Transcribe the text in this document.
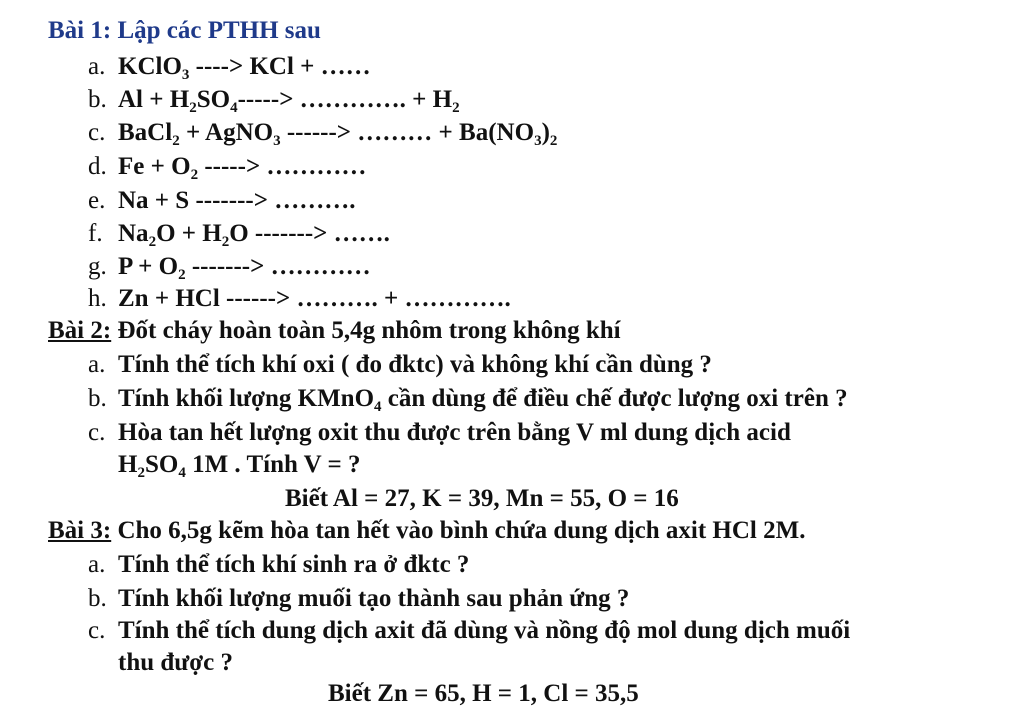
Bài 1: Lập các PTHH sau
a. KClO$_3$ ----> KCl + ……
b. $Al + H_2SO_4----->$ …………. + $H_2$
c. BaCl$_2$ + AgNO$_3$ ------> ……… + $Ba(NO_3)_2$
d. $Fe + O_2$ -----> …………
e. Na + S -------> ……….
f. $Na_2O + H_2O$ -------> …….
g. $P + O_2$ -------> …………
h. Zn + HCl ------> ………. + ………….
Bài 2: Đốt cháy hoàn toàn 5,4g nhôm trong không khí
a. Tính thể tích khí oxi ( đo đktc) và không khí cần dùng ?
b. Tính khối lượng KMnO$_4$ cần dùng để điều chế được lượng oxi trên ?
c. Hòa tan hết lượng oxit thu được trên bằng V ml dung dịch acid
$H_2SO_4$ 1M . Tính V = ?
Biết Al = 27, K = 39, Mn = 55, O = 16
Bài 3: Cho 6,5g kẽm hòa tan hết vào bình chứa dung dịch axit HCl 2M.
a. Tính thể tích khí sinh ra ở đktc ?
b. Tính khối lượng muối tạo thành sau phản ứng ?
c. Tính thể tích dung dịch axit đã dùng và nồng độ mol dung dịch muối
thu được ?
Biết Zn = 65, H = 1, Cl = 35,5
